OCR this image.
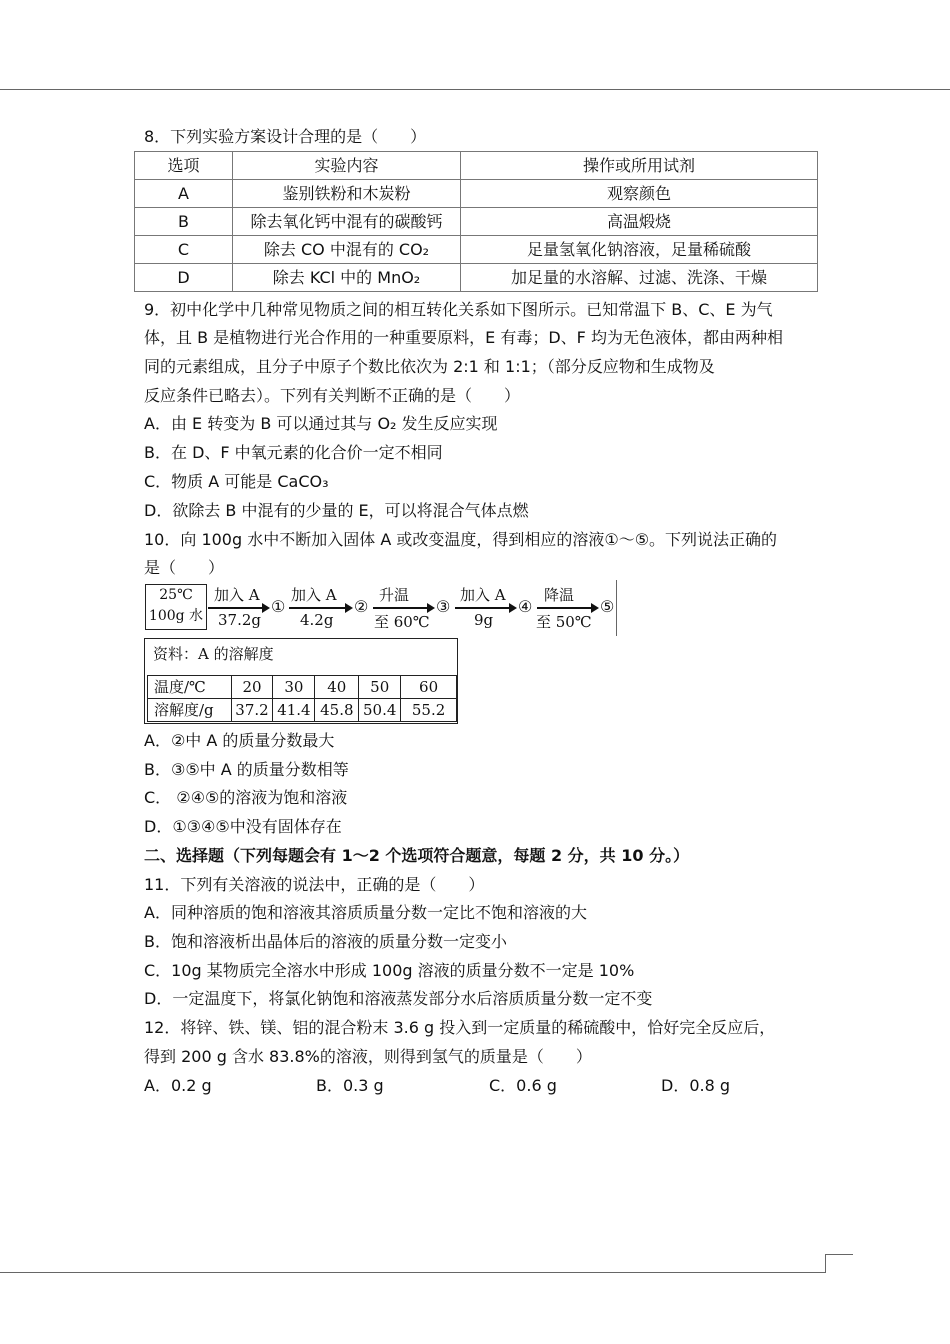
8．下列实验方案设计合理的是（　　）
选项	实验内容	操作或所用试剂
A	鉴别铁粉和木炭粉	观察颜色
B	除去氧化钙中混有的碳酸钙	高温煅烧
C	除去 CO 中混有的 CO₂	足量氢氧化钠溶液，足量稀硫酸
D	除去 KCl 中的 MnO₂	加足量的水溶解、过滤、洗涤、干燥
9．初中化学中几种常见物质之间的相互转化关系如下图所示。已知常温下 B、C、E 为气
体，且 B 是植物进行光合作用的一种重要原料，E 有毒；D、F 均为无色液体，都由两种相
同的元素组成，且分子中原子个数比依次为 2:1 和 1:1；（部分反应物和生成物及
反应条件已略去）。下列有关判断不正确的是（　　）
A．由 E 转变为 B 可以通过其与 O₂ 发生反应实现
B．在 D、F 中氧元素的化合价一定不相同
C．物质 A 可能是 CaCO₃
D．欲除去 B 中混有的少量的 E，可以将混合气体点燃
10．向 100g 水中不断加入固体 A 或改变温度，得到相应的溶液①～⑤。下列说法正确的
是（　　）
25℃
100g 水
加入 A
37.2g
①
加入 A
4.2g
②
升温
至 60℃
③
加入 A
9g
④
降温
至 50℃
⑤
资料：A 的溶解度
温度/℃	20	30	40	50	60
溶解度/g	37.2	41.4	45.8	50.4	55.2
A．②中 A 的质量分数最大
B．③⑤中 A 的质量分数相等
C． ②④⑤的溶液为饱和溶液
D．①③④⑤中没有固体存在
二、选择题（下列每题会有 1～2 个选项符合题意，每题 2 分，共 10 分。）
11．下列有关溶液的说法中，正确的是（　　）
A．同种溶质的饱和溶液其溶质质量分数一定比不饱和溶液的大
B．饱和溶液析出晶体后的溶液的质量分数一定变小
C．10g 某物质完全溶水中形成 100g 溶液的质量分数不一定是 10%
D．一定温度下，将氯化钠饱和溶液蒸发部分水后溶质质量分数一定不变
12．将锌、铁、镁、铝的混合粉末 3.6 g 投入到一定质量的稀硫酸中，恰好完全反应后，
得到 200 g 含水 83.8%的溶液，则得到氢气的质量是（　　）
A．0.2 g	B．0.3 g	C．0.6 g	D．0.8 g
